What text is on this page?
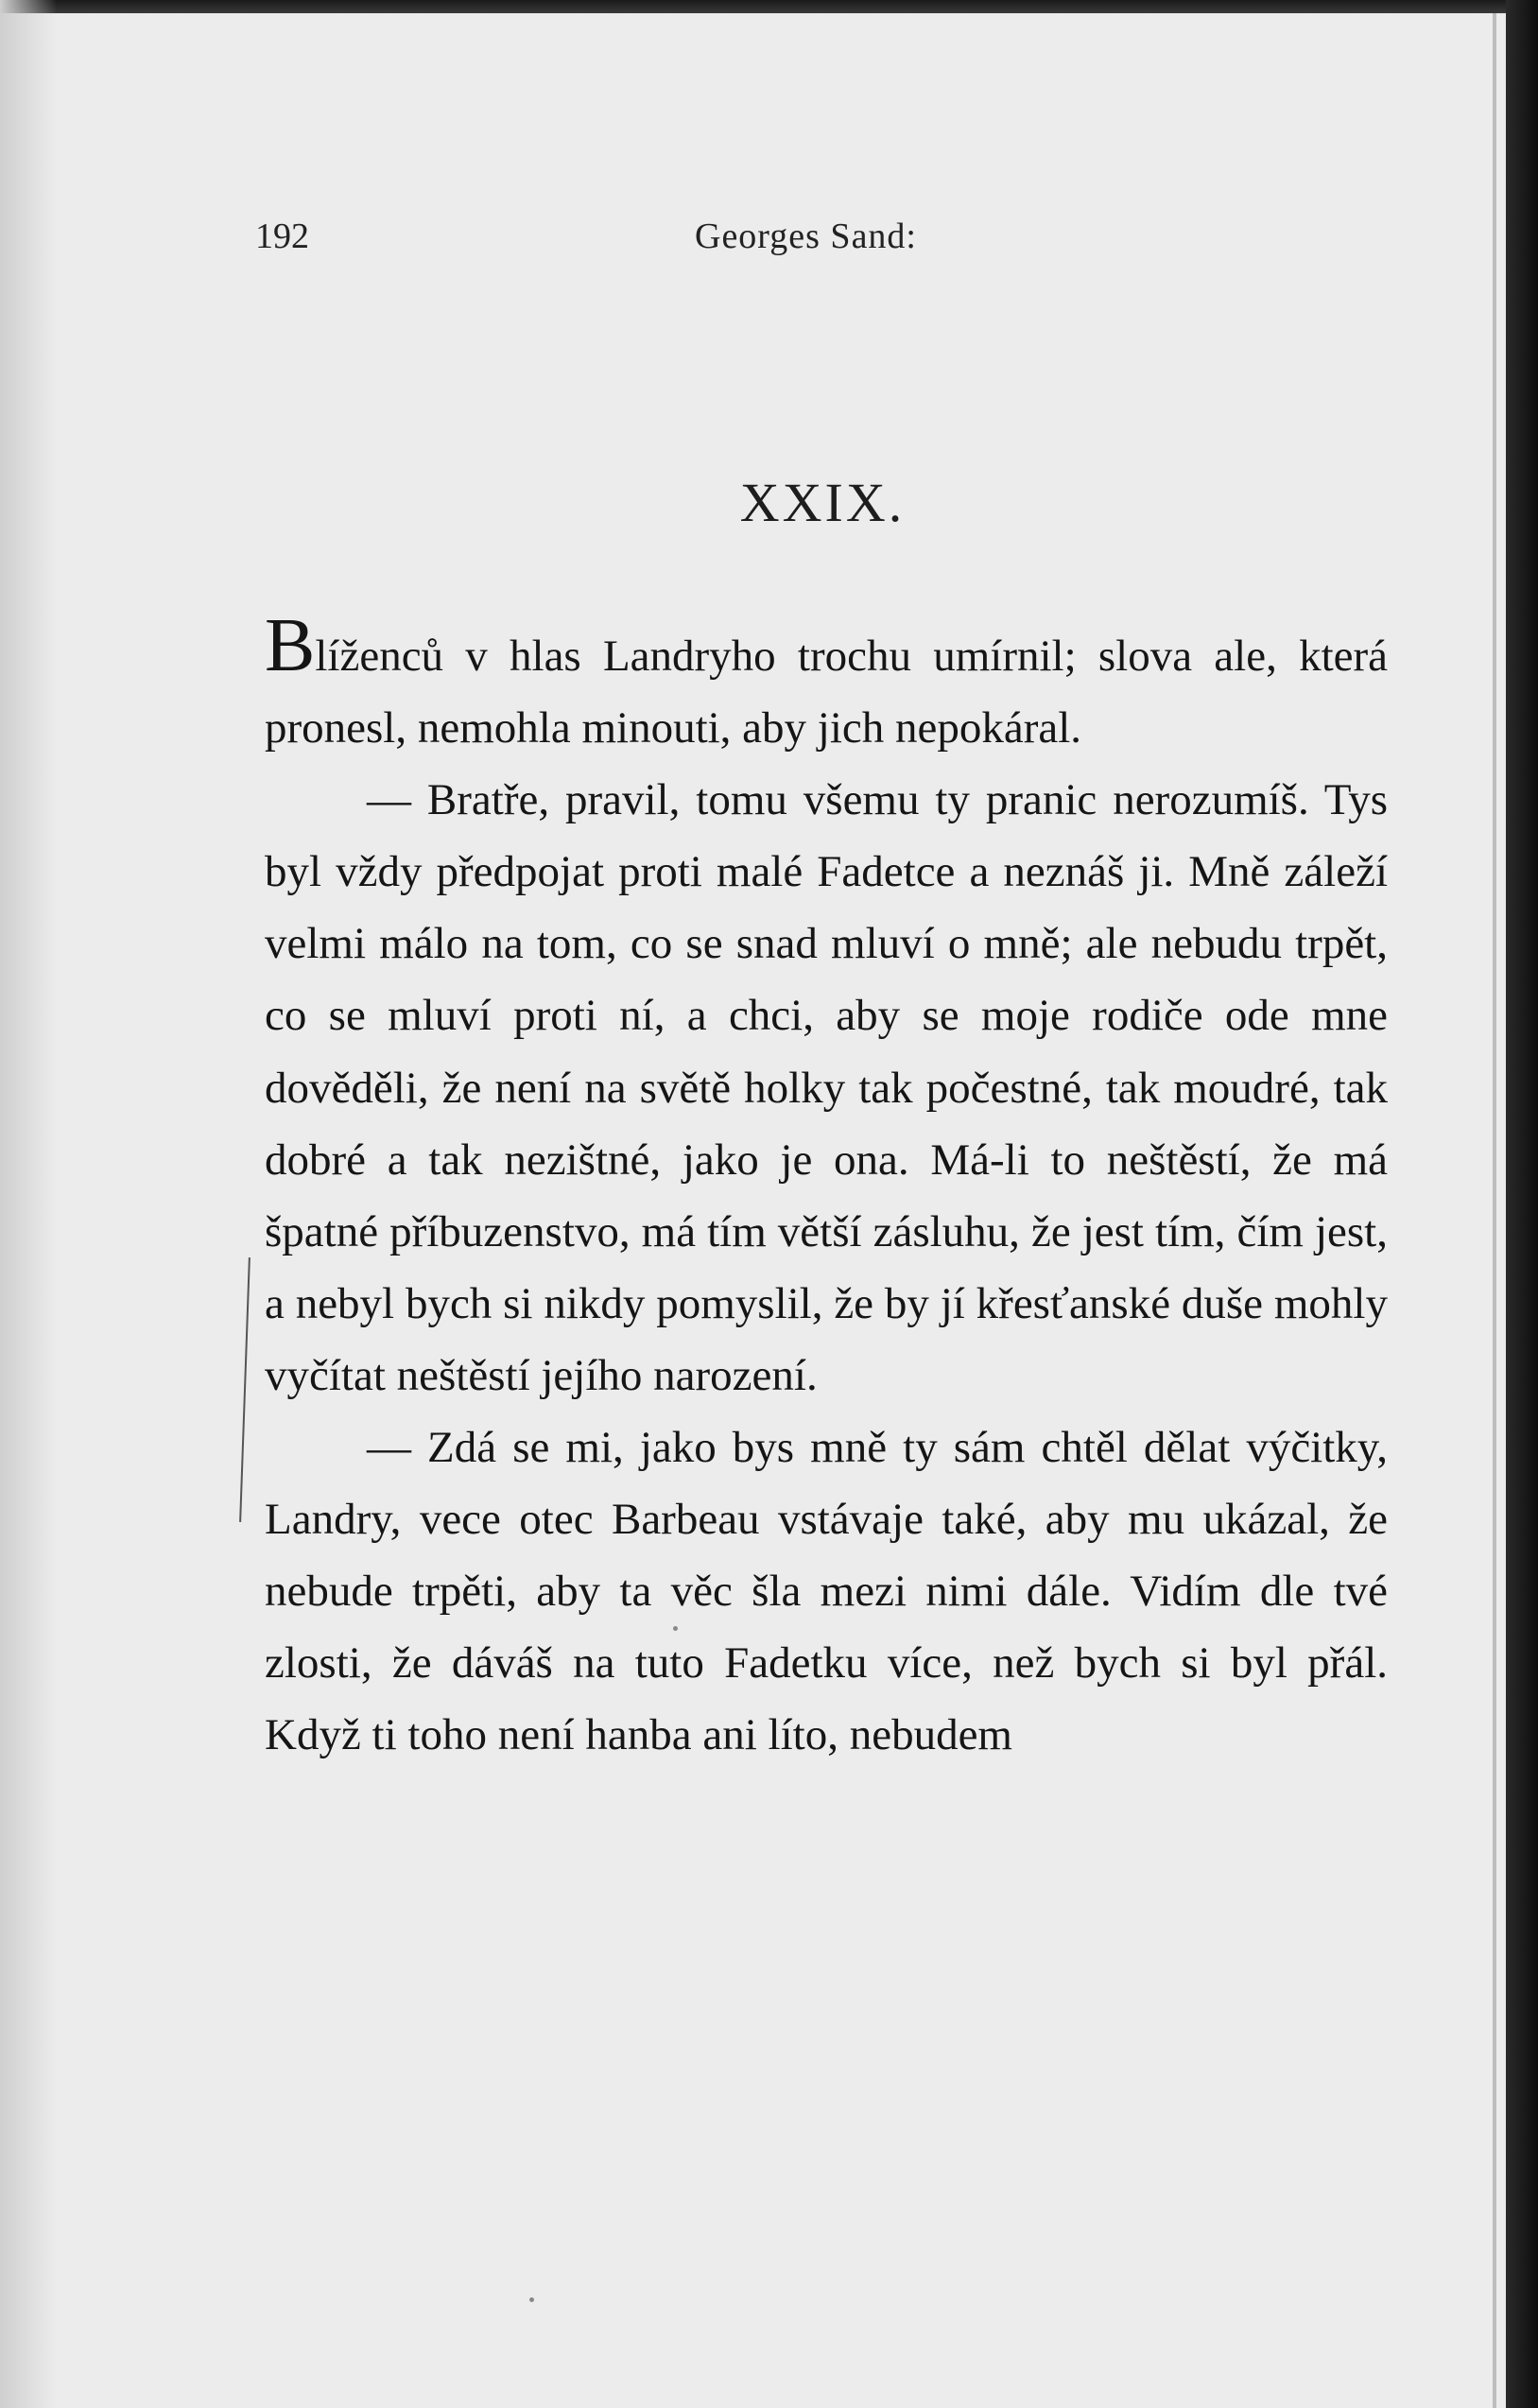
192	Georges Sand:
XXIX.

Blíženců v hlas Landryho trochu umírnil; slova ale, která pronesl, nemohla minouti, aby jich nepokáral.

— Bratře, pravil, tomu všemu ty pranic nerozumíš. Tys byl vždy předpojat proti malé Fadetce a neznáš ji. Mně záleží velmi málo na tom, co se snad mluví o mně; ale nebudu trpět, co se mluví proti ní, a chci, aby se moje rodiče ode mne dověděli, že není na světě holky tak počestné, tak moudré, tak dobré a tak nezištné, jako je ona. Má-li to neštěstí, že má špatné příbuzenstvo, má tím větší zásluhu, že jest tím, čím jest, a nebyl bych si nikdy pomyslil, že by jí křesťanské duše mohly vyčítat neštěstí jejího narození.

— Zdá se mi, jako bys mně ty sám chtěl dělat výčitky, Landry, vece otec Barbeau vstávaje také, aby mu ukázal, že nebude trpěti, aby ta věc šla mezi nimi dále. Vidím dle tvé zlosti, že dáváš na tuto Fadetku více, než bych si byl přál. Když ti toho není hanba ani líto, nebudem
